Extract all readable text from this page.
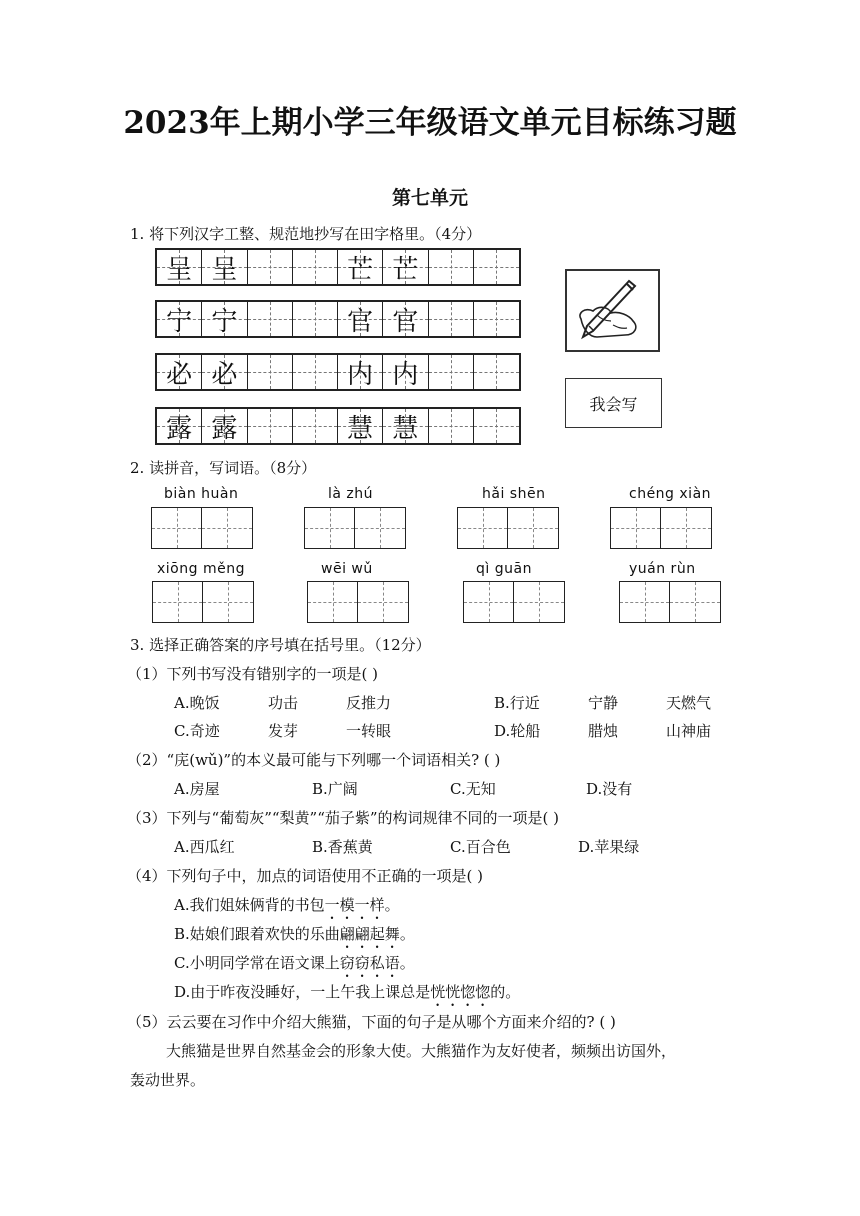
2023年上期小学三年级语文单元目标练习题
第七单元
1. 将下列汉字工整、规范地抄写在田字格里。（4分）
呈 呈	芒 芒
宁 宁	官 官
必 必	内 内
露 露	慧 慧
我会写
2. 读拼音，写词语。（8分）
biàn huàn	là zhú	hǎi shēn	chéng xiàn
xiōng měng	wēi wǔ	qì guān	yuán rùn
3. 选择正确答案的序号填在括号里。（12分）
（1）下列书写没有错别字的一项是( )
A.晚饭	功击	反推力	B.行近	宁静	天燃气
C.奇迹	发芽	一转眼	D.轮船	腊烛	山神庙
（2）“庑(wǔ)”的本义最可能与下列哪一个词语相关? ( )
A.房屋	B.广阔	C.无知	D.没有
（3）下列与“葡萄灰”“梨黄”“茄子紫”的构词规律不同的一项是( )
A.西瓜红	B.香蕉黄	C.百合色	D.苹果绿
（4）下列句子中，加点的词语使用不正确的一项是( )
A.我们姐妹俩背的书包一模一样。
B.姑娘们跟着欢快的乐曲翩翩起舞。
C.小明同学常在语文课上窃窃私语。
D.由于昨夜没睡好，一上午我上课总是恍恍惚惚的。
（5）云云要在习作中介绍大熊猫，下面的句子是从哪个方面来介绍的? ( )
大熊猫是世界自然基金会的形象大使。大熊猫作为友好使者，频频出访国外，
轰动世界。
